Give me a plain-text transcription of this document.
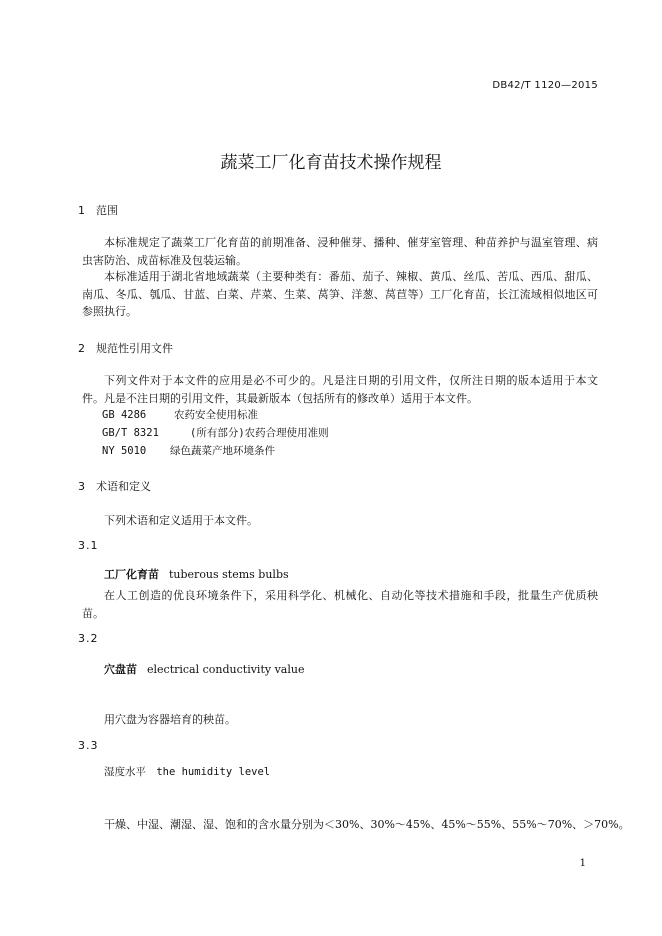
DB42/T 1120—2015
蔬菜工厂化育苗技术操作规程
1 范围
本标准规定了蔬菜工厂化育苗的前期准备、浸种催芽、播种、催芽室管理、种苗养护与温室管理、病虫害防治、成苗标准及包装运输。
本标准适用于湖北省地域蔬菜（主要种类有：番茄、茄子、辣椒、黄瓜、丝瓜、苦瓜、西瓜、甜瓜、南瓜、冬瓜、瓠瓜、甘蓝、白菜、芹菜、生菜、莴笋、洋葱、莴苣等）工厂化育苗，长江流域相似地区可参照执行。
2 规范性引用文件
下列文件对于本文件的应用是必不可少的。凡是注日期的引用文件，仅所注日期的版本适用于本文件。凡是不注日期的引用文件，其最新版本（包括所有的修改单）适用于本文件。
GB 4286	农药安全使用标准
GB/T 8321	(所有部分)农药合理使用准则
NY 5010 绿色蔬菜产地环境条件
3 术语和定义
下列术语和定义适用于本文件。
3.1
工厂化育苗 tuberous stems bulbs
在人工创造的优良环境条件下，采用科学化、机械化、自动化等技术措施和手段，批量生产优质秧苗。
3.2
穴盘苗 electrical conductivity value
用穴盘为容器培育的秧苗。
3.3
湿度水平 the humidity level
干燥、中湿、潮湿、湿、饱和的含水量分别为＜30%、30%～45%、45%～55%、55%～70%、＞70%。
1
